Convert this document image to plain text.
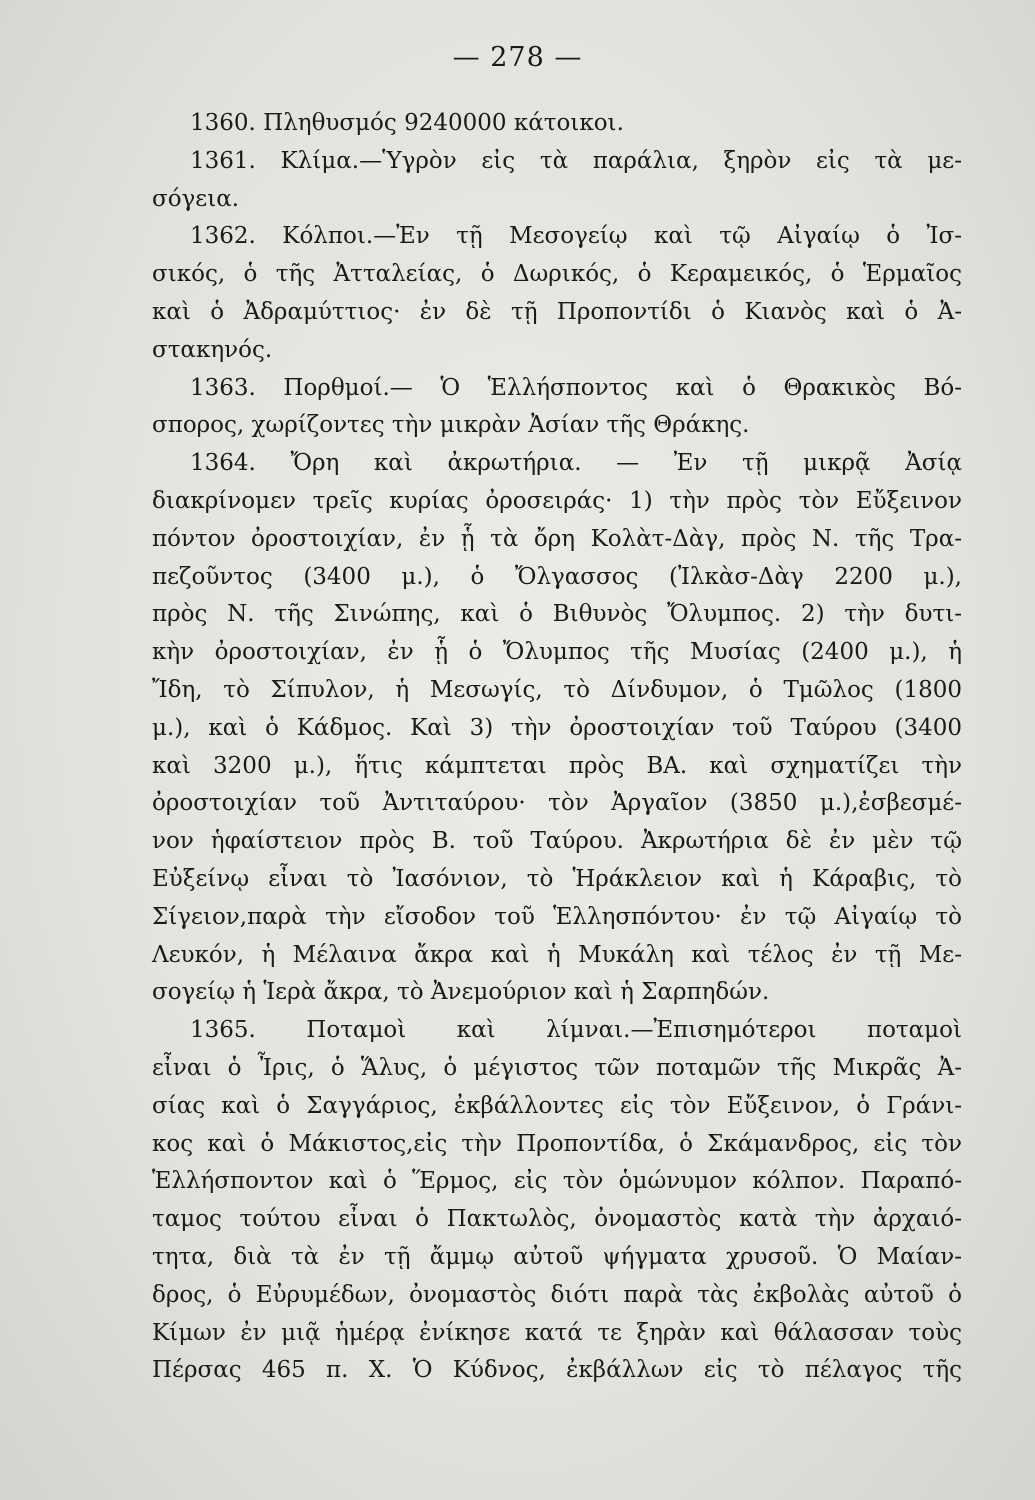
— 278 —
1360. Πληθυσμός 9240000 κάτοικοι.
1361. Κλίμα.—Ὑγρὸν εἰς τὰ παράλια, ξηρὸν εἰς τὰ με-
σόγεια.
1362. Κόλποι.—Ἐν τῇ Μεσογείῳ καὶ τῷ Αἰγαίῳ ὁ Ἰσ-
σικός, ὁ τῆς Ἀτταλείας, ὁ Δωρικός, ὁ Κεραμεικός, ὁ Ἑρμαῖος
καὶ ὁ Ἀδραμύττιος· ἐν δὲ τῇ Προποντίδι ὁ Κιανὸς καὶ ὁ Ἀ-
στακηνός.
1363. Πορθμοί.— Ὁ Ἑλλήσποντος καὶ ὁ Θρακικὸς Βό-
σπορος, χωρίζοντες τὴν μικρὰν Ἀσίαν τῆς Θράκης.
1364. Ὄρη καὶ ἀκρωτήρια. — Ἐν τῇ μικρᾷ Ἀσίᾳ
διακρίνομεν τρεῖς κυρίας ὀροσειράς· 1) τὴν πρὸς τὸν Εὔξεινον
πόντον ὀροστοιχίαν, ἐν ᾗ τὰ ὄρη Κολὰτ-Δὰγ, πρὸς Ν. τῆς Τρα-
πεζοῦντος (3400 μ.), ὁ Ὄλγασσος (Ἰλκὰσ-Δὰγ 2200 μ.),
πρὸς Ν. τῆς Σινώπης, καὶ ὁ Βιθυνὸς Ὄλυμπος. 2) τὴν δυτι-
κὴν ὀροστοιχίαν, ἐν ᾗ ὁ Ὄλυμπος τῆς Μυσίας (2400 μ.), ἡ
Ἴδη, τὸ Σίπυλον, ἡ Μεσωγίς, τὸ Δίνδυμον, ὁ Τμῶλος (1800
μ.), καὶ ὁ Κάδμος. Καὶ 3) τὴν ὀροστοιχίαν τοῦ Ταύρου (3400
καὶ 3200 μ.), ἥτις κάμπτεται πρὸς ΒΑ. καὶ σχηματίζει τὴν
ὀροστοιχίαν τοῦ Ἀντιταύρου· τὸν Ἀργαῖον (3850 μ.),ἐσβεσμέ-
νον ἡφαίστειον πρὸς Β. τοῦ Ταύρου. Ἀκρωτήρια δὲ ἐν μὲν τῷ
Εὐξείνῳ εἶναι τὸ Ἰασόνιον, τὸ Ἡράκλειον καὶ ἡ Κάραβις, τὸ
Σίγειον,παρὰ τὴν εἴσοδον τοῦ Ἑλλησπόντου· ἐν τῷ Αἰγαίῳ τὸ
Λευκόν, ἡ Μέλαινα ἄκρα καὶ ἡ Μυκάλη καὶ τέλος ἐν τῇ Με-
σογείῳ ἡ Ἱερὰ ἄκρα, τὸ Ἀνεμούριον καὶ ἡ Σαρπηδών.
1365. Ποταμοὶ καὶ λίμναι.—Ἐπισημότεροι ποταμοὶ
εἶναι ὁ Ἶρις, ὁ Ἅλυς, ὁ μέγιστος τῶν ποταμῶν τῆς Μικρᾶς Ἀ-
σίας καὶ ὁ Σαγγάριος, ἐκβάλλοντες εἰς τὸν Εὔξεινον, ὁ Γράνι-
κος καὶ ὁ Μάκιστος,εἰς τὴν Προποντίδα, ὁ Σκάμανδρος, εἰς τὸν
Ἑλλήσποντον καὶ ὁ Ἕρμος, εἰς τὸν ὁμώνυμον κόλπον. Παραπό-
ταμος τούτου εἶναι ὁ Πακτωλὸς, ὀνομαστὸς κατὰ τὴν ἀρχαιό-
τητα, διὰ τὰ ἐν τῇ ἄμμῳ αὐτοῦ ψήγματα χρυσοῦ. Ὁ Μαίαν-
δρος, ὁ Εὐρυμέδων, ὀνομαστὸς διότι παρὰ τὰς ἐκβολὰς αὐτοῦ ὁ
Κίμων ἐν μιᾷ ἡμέρᾳ ἐνίκησε κατά τε ξηρὰν καὶ θάλασσαν τοὺς
Πέρσας 465 π. Χ. Ὁ Κύδνος, ἐκβάλλων εἰς τὸ πέλαγος τῆς
